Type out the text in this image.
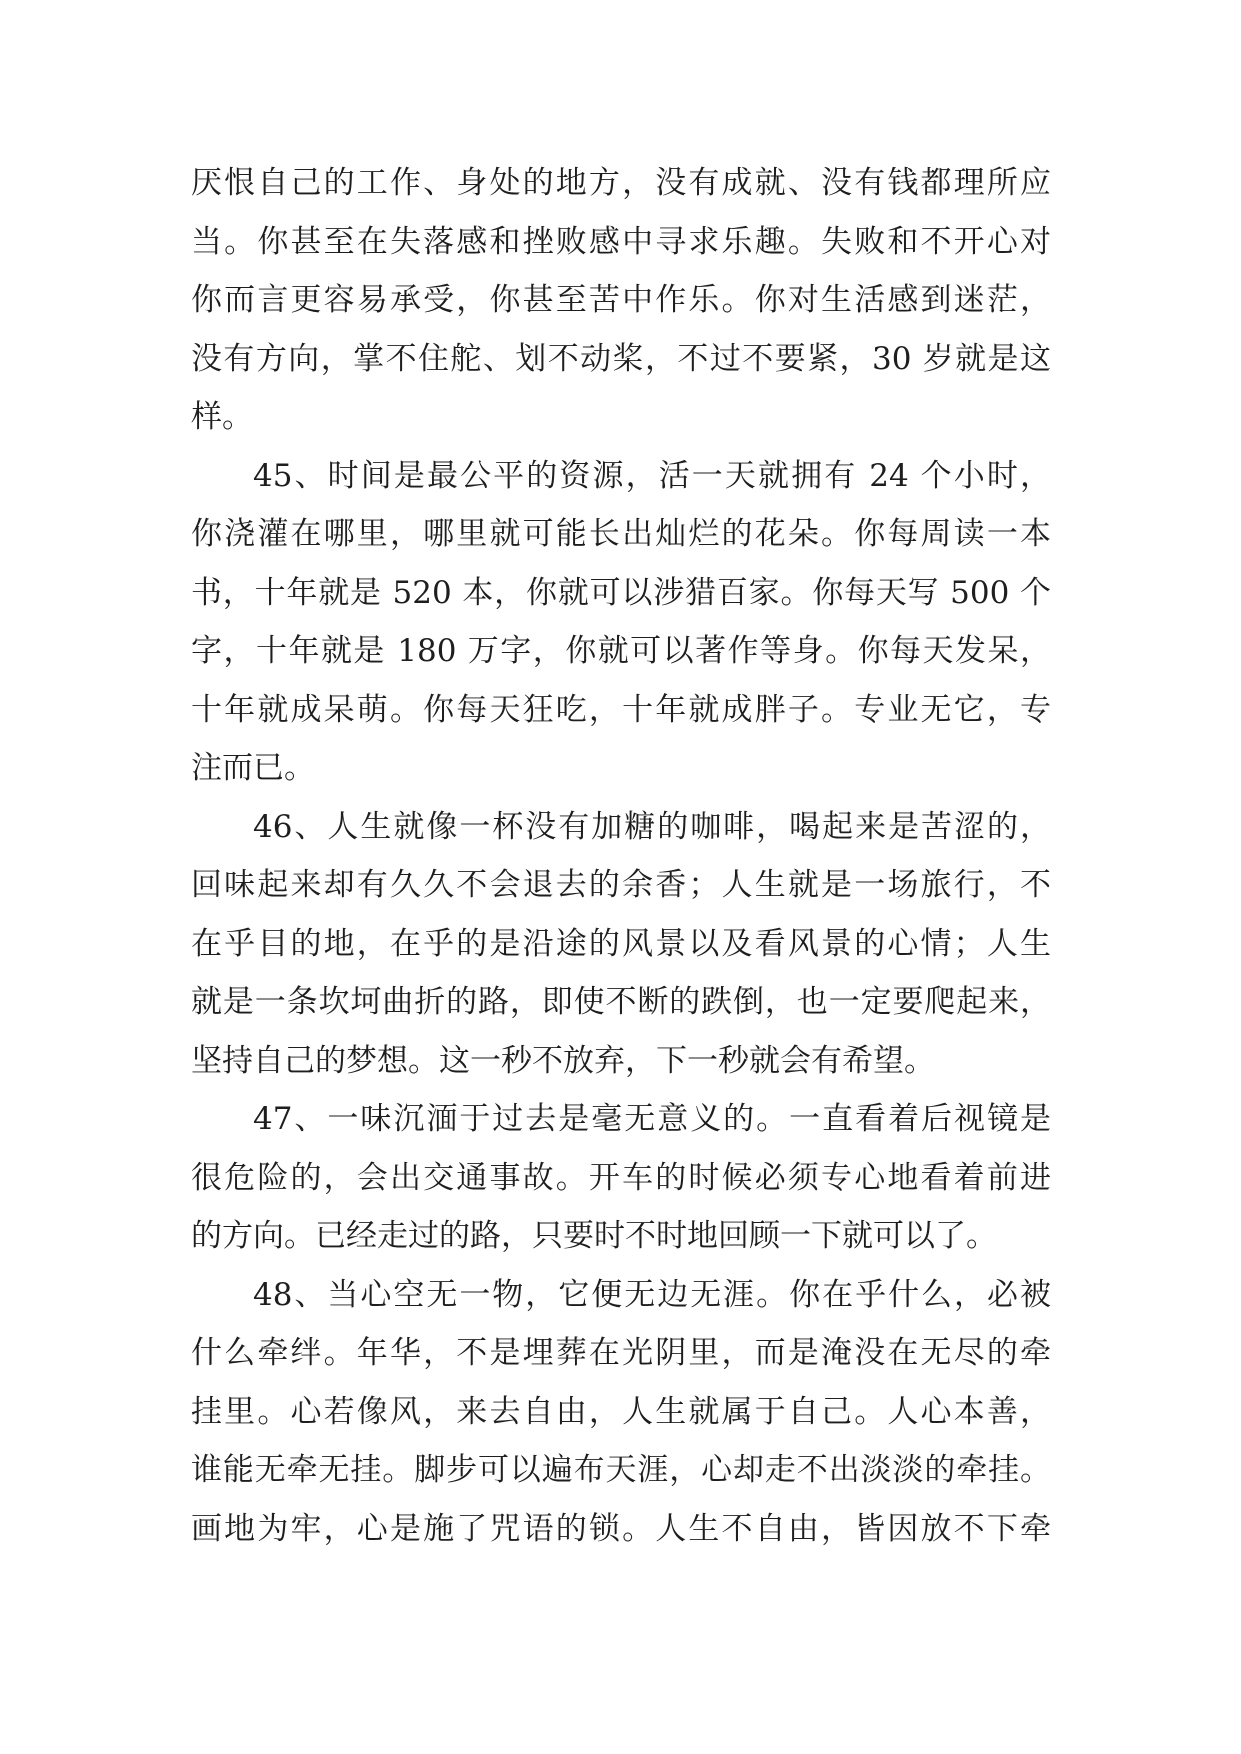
厌恨自己的工作、身处的地方，没有成就、没有钱都理所应
当。你甚至在失落感和挫败感中寻求乐趣。失败和不开心对
你而言更容易承受，你甚至苦中作乐。你对生活感到迷茫，
没有方向，掌不住舵、划不动桨，不过不要紧，30 岁就是这
样。
45、时间是最公平的资源，活一天就拥有 24 个小时，
你浇灌在哪里，哪里就可能长出灿烂的花朵。你每周读一本
书，十年就是 520 本，你就可以涉猎百家。你每天写 500 个
字，十年就是 180 万字，你就可以著作等身。你每天发呆，
十年就成呆萌。你每天狂吃，十年就成胖子。专业无它，专
注而已。
46、人生就像一杯没有加糖的咖啡，喝起来是苦涩的，
回味起来却有久久不会退去的余香；人生就是一场旅行，不
在乎目的地，在乎的是沿途的风景以及看风景的心情；人生
就是一条坎坷曲折的路，即使不断的跌倒，也一定要爬起来，
坚持自己的梦想。这一秒不放弃，下一秒就会有希望。
47、一味沉湎于过去是毫无意义的。一直看着后视镜是
很危险的，会出交通事故。开车的时候必须专心地看着前进
的方向。已经走过的路，只要时不时地回顾一下就可以了。
48、当心空无一物，它便无边无涯。你在乎什么，必被
什么牵绊。年华，不是埋葬在光阴里，而是淹没在无尽的牵
挂里。心若像风，来去自由，人生就属于自己。人心本善，
谁能无牵无挂。脚步可以遍布天涯，心却走不出淡淡的牵挂。
画地为牢，心是施了咒语的锁。人生不自由，皆因放不下牵
